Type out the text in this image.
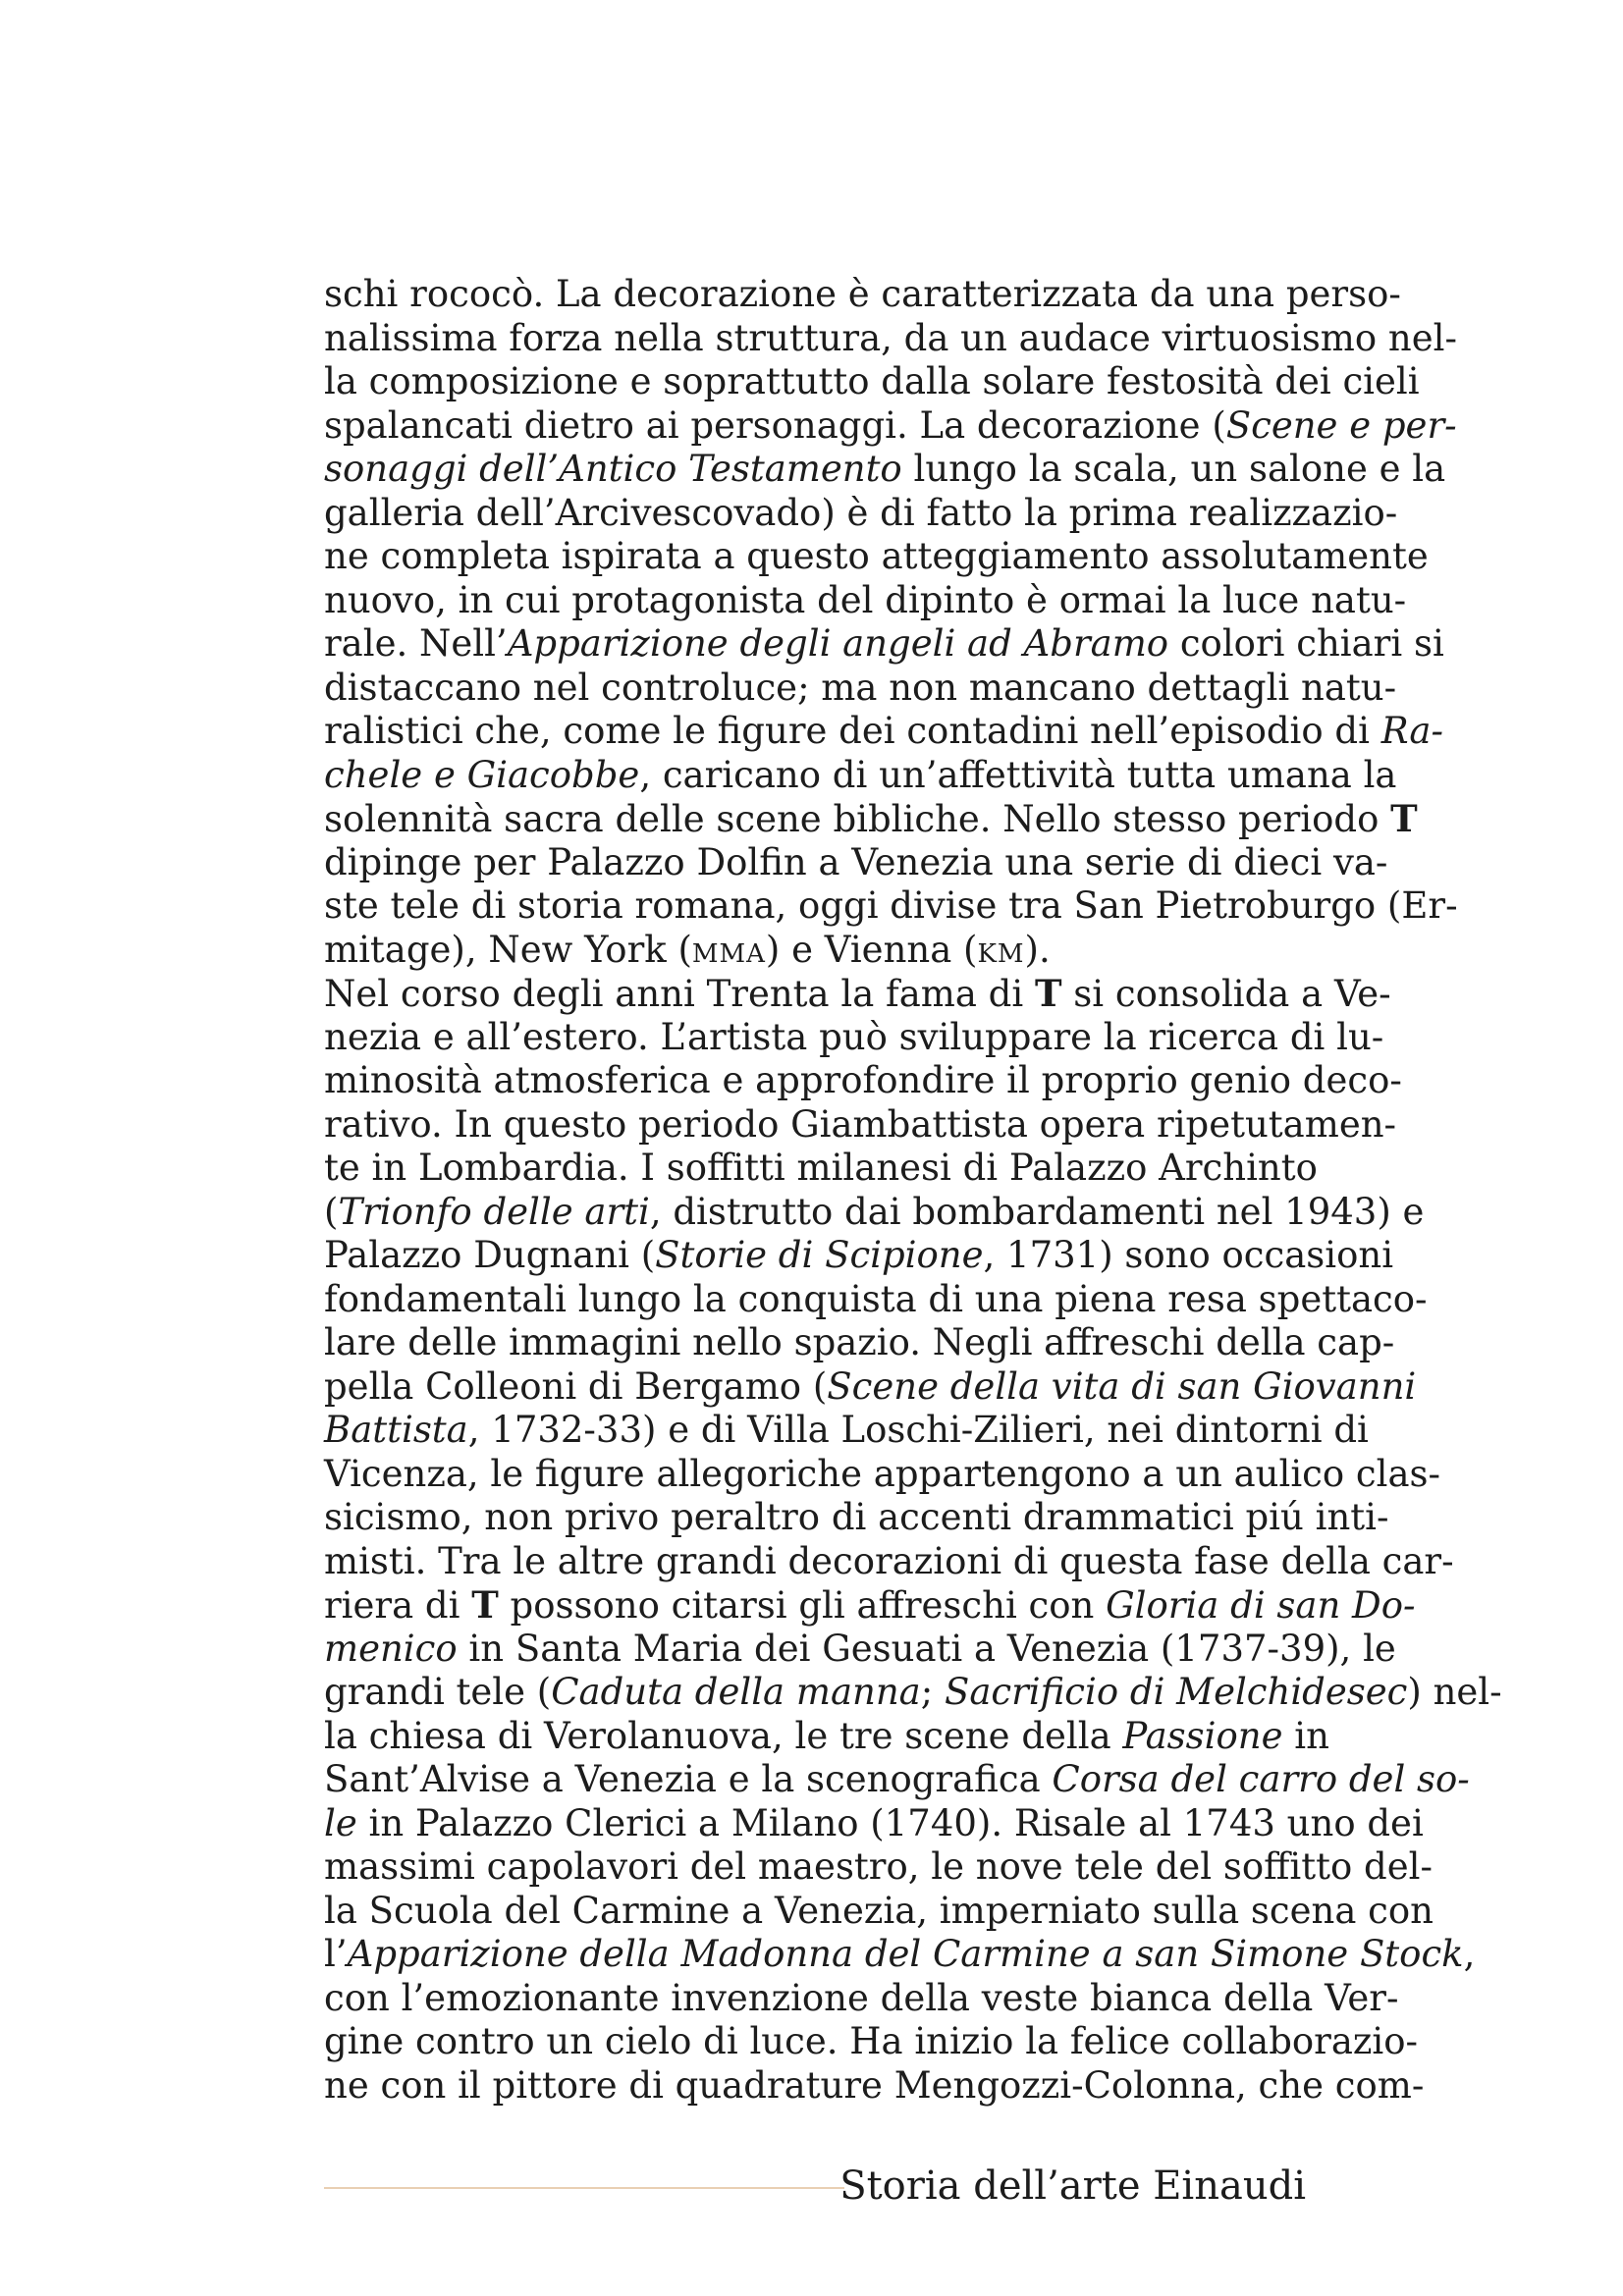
schi rococò. La decorazione è caratterizzata da una perso-
nalissima forza nella struttura, da un audace virtuosismo nel-
la composizione e soprattutto dalla solare festosità dei cieli
spalancati dietro ai personaggi. La decorazione (Scene e per-
sonaggi dell’Antico Testamento lungo la scala, un salone e la
galleria dell’Arcivescovado) è di fatto la prima realizzazio-
ne completa ispirata a questo atteggiamento assolutamente
nuovo, in cui protagonista del dipinto è ormai la luce natu-
rale. Nell’Apparizione degli angeli ad Abramo colori chiari si
distaccano nel controluce; ma non mancano dettagli natu-
ralistici che, come le figure dei contadini nell’episodio di Ra-
chele e Giacobbe, caricano di un’affettività tutta umana la
solennità sacra delle scene bibliche. Nello stesso periodo T
dipinge per Palazzo Dolfin a Venezia una serie di dieci va-
ste tele di storia romana, oggi divise tra San Pietroburgo (Er-
mitage), New York (mma) e Vienna (km).
Nel corso degli anni Trenta la fama di T si consolida a Ve-
nezia e all’estero. L’artista può sviluppare la ricerca di lu-
minosità atmosferica e approfondire il proprio genio deco-
rativo. In questo periodo Giambattista opera ripetutamen-
te in Lombardia. I soffitti milanesi di Palazzo Archinto
(Trionfo delle arti, distrutto dai bombardamenti nel 1943) e
Palazzo Dugnani (Storie di Scipione, 1731) sono occasioni
fondamentali lungo la conquista di una piena resa spettaco-
lare delle immagini nello spazio. Negli affreschi della cap-
pella Colleoni di Bergamo (Scene della vita di san Giovanni
Battista, 1732-33) e di Villa Loschi-Zilieri, nei dintorni di
Vicenza, le figure allegoriche appartengono a un aulico clas-
sicismo, non privo peraltro di accenti drammatici piú inti-
misti. Tra le altre grandi decorazioni di questa fase della car-
riera di T possono citarsi gli affreschi con Gloria di san Do-
menico in Santa Maria dei Gesuati a Venezia (1737-39), le
grandi tele (Caduta della manna; Sacrificio di Melchidesec) nel-
la chiesa di Verolanuova, le tre scene della Passione in
Sant’Alvise a Venezia e la scenografica Corsa del carro del so-
le in Palazzo Clerici a Milano (1740). Risale al 1743 uno dei
massimi capolavori del maestro, le nove tele del soffitto del-
la Scuola del Carmine a Venezia, imperniato sulla scena con
l’Apparizione della Madonna del Carmine a san Simone Stock,
con l’emozionante invenzione della veste bianca della Ver-
gine contro un cielo di luce. Ha inizio la felice collaborazio-
ne con il pittore di quadrature Mengozzi-Colonna, che com-
Storia dell’arte Einaudi
